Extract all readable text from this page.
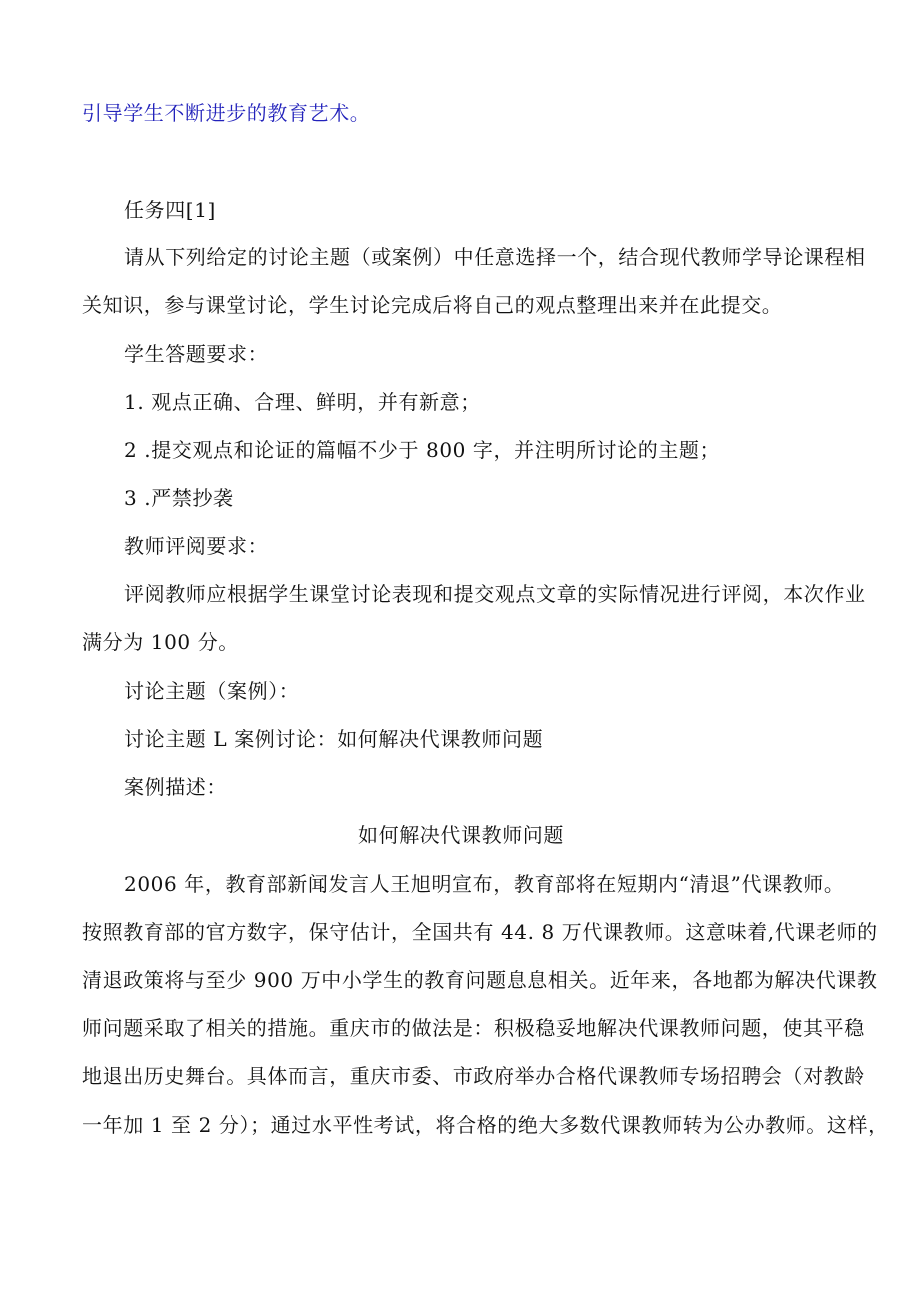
引导学生不断进步的教育艺术。
任务四[1]
请从下列给定的讨论主题（或案例）中任意选择一个，结合现代教师学导论课程相
关知识，参与课堂讨论，学生讨论完成后将自己的观点整理出来并在此提交。
学生答题要求：
1. 观点正确、合理、鲜明，并有新意；
2 .提交观点和论证的篇幅不少于 800 字，并注明所讨论的主题；
3 .严禁抄袭
教师评阅要求：
评阅教师应根据学生课堂讨论表现和提交观点文章的实际情况进行评阅，本次作业
满分为 100 分。
讨论主题（案例）：
讨论主题 L 案例讨论：如何解决代课教师问题
案例描述：
如何解决代课教师问题
2006 年，教育部新闻发言人王旭明宣布，教育部将在短期内“清退”代课教师。
按照教育部的官方数字，保守估计，全国共有 44. 8 万代课教师。这意味着,代课老师的
清退政策将与至少 900 万中小学生的教育问题息息相关。近年来，各地都为解决代课教
师问题采取了相关的措施。重庆市的做法是：积极稳妥地解决代课教师问题，使其平稳
地退出历史舞台。具体而言，重庆市委、市政府举办合格代课教师专场招聘会（对教龄
一年加 1 至 2 分）；通过水平性考试，将合格的绝大多数代课教师转为公办教师。这样，
